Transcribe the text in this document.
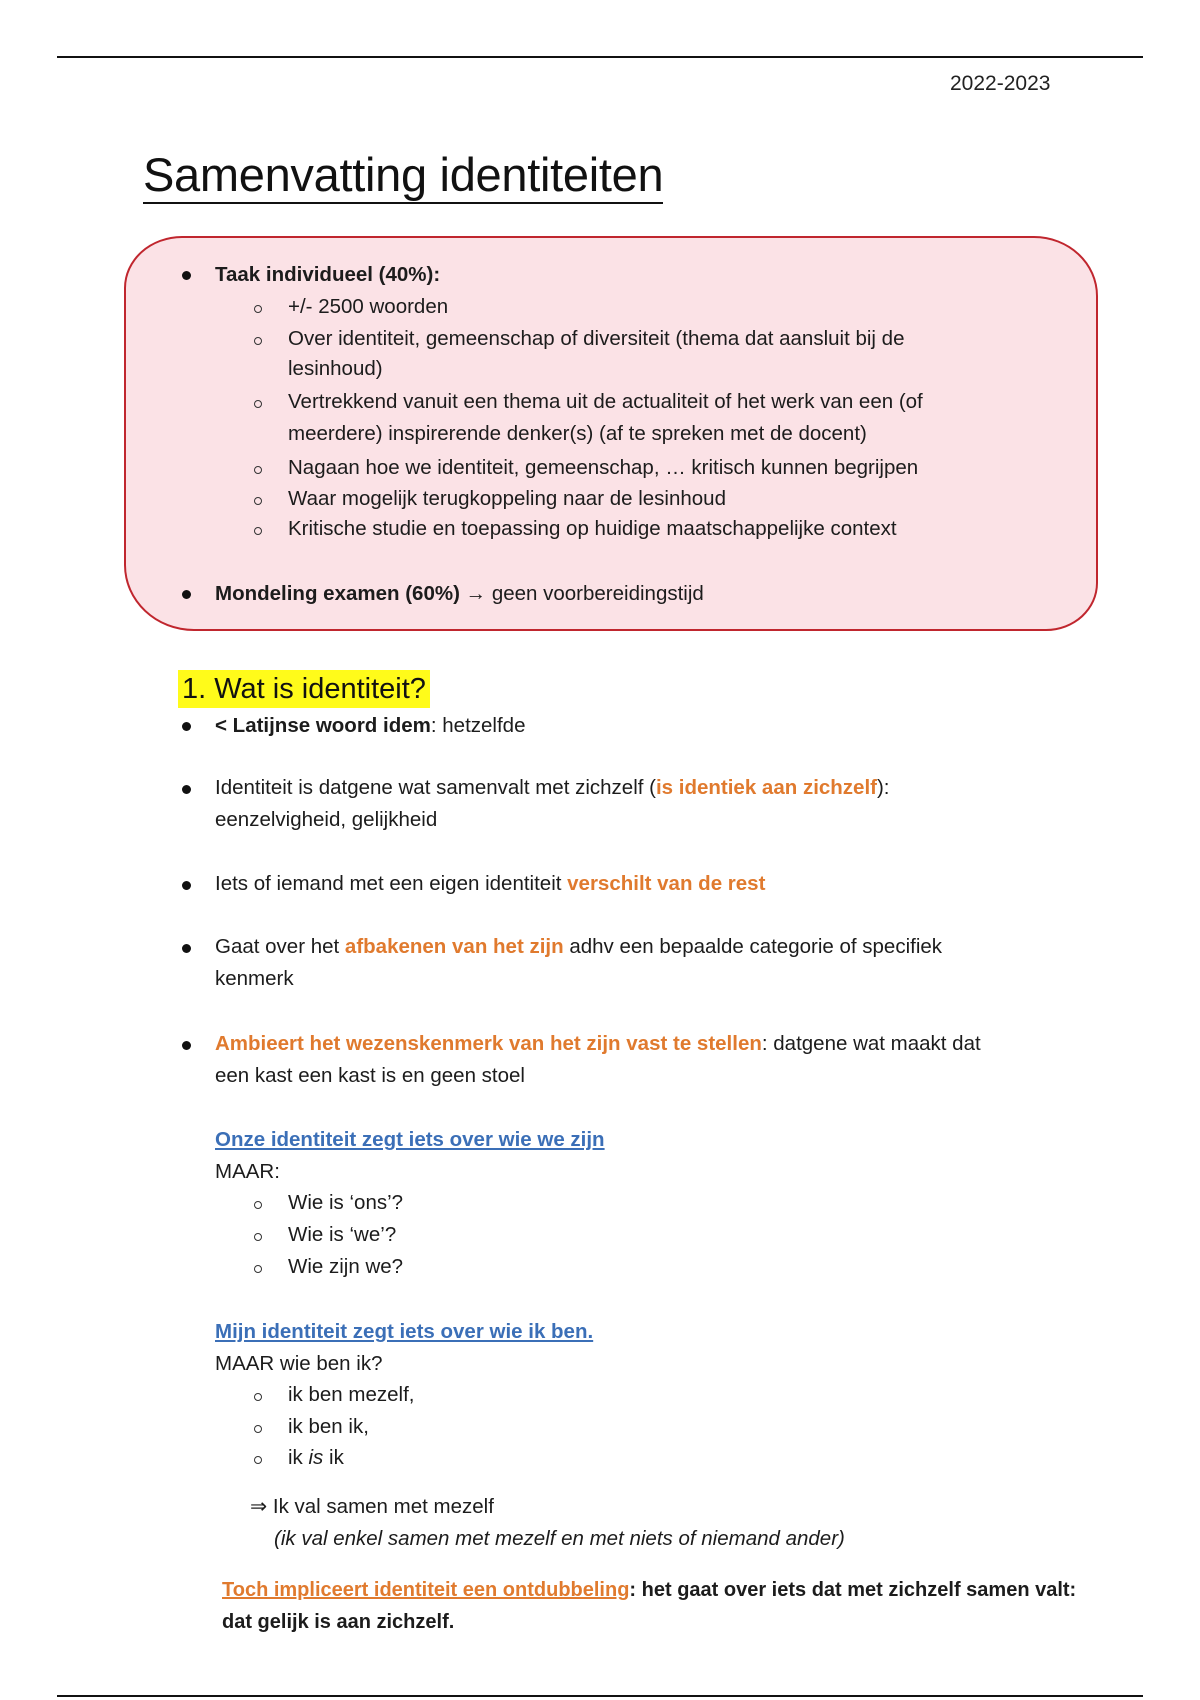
2022-2023
Samenvatting identiteiten
Taak individueel (40%):
+/- 2500 woorden
Over identiteit, gemeenschap of diversiteit (thema dat aansluit bij de
lesinhoud)
Vertrekkend vanuit een thema uit de actualiteit of het werk van een (of
meerdere) inspirerende denker(s) (af te spreken met de docent)
Nagaan hoe we identiteit, gemeenschap, … kritisch kunnen begrijpen
Waar mogelijk terugkoppeling naar de lesinhoud
Kritische studie en toepassing op huidige maatschappelijke context
Mondeling examen (60%) → geen voorbereidingstijd
1. Wat is identiteit?
< Latijnse woord idem: hetzelfde
Identiteit is datgene wat samenvalt met zichzelf (is identiek aan zichzelf):
eenzelvigheid, gelijkheid
Iets of iemand met een eigen identiteit verschilt van de rest
Gaat over het afbakenen van het zijn adhv een bepaalde categorie of specifiek
kenmerk
Ambieert het wezenskenmerk van het zijn vast te stellen: datgene wat maakt dat
een kast een kast is en geen stoel
Onze identiteit zegt iets over wie we zijn
MAAR:
Wie is ‘ons’?
Wie is ‘we’?
Wie zijn we?
Mijn identiteit zegt iets over wie ik ben.
MAAR wie ben ik?
ik ben mezelf,
ik ben ik,
ik is ik
⇒ Ik val samen met mezelf
(ik val enkel samen met mezelf en met niets of niemand ander)
Toch impliceert identiteit een ontdubbeling: het gaat over iets dat met zichzelf samen valt:
dat gelijk is aan zichzelf.
